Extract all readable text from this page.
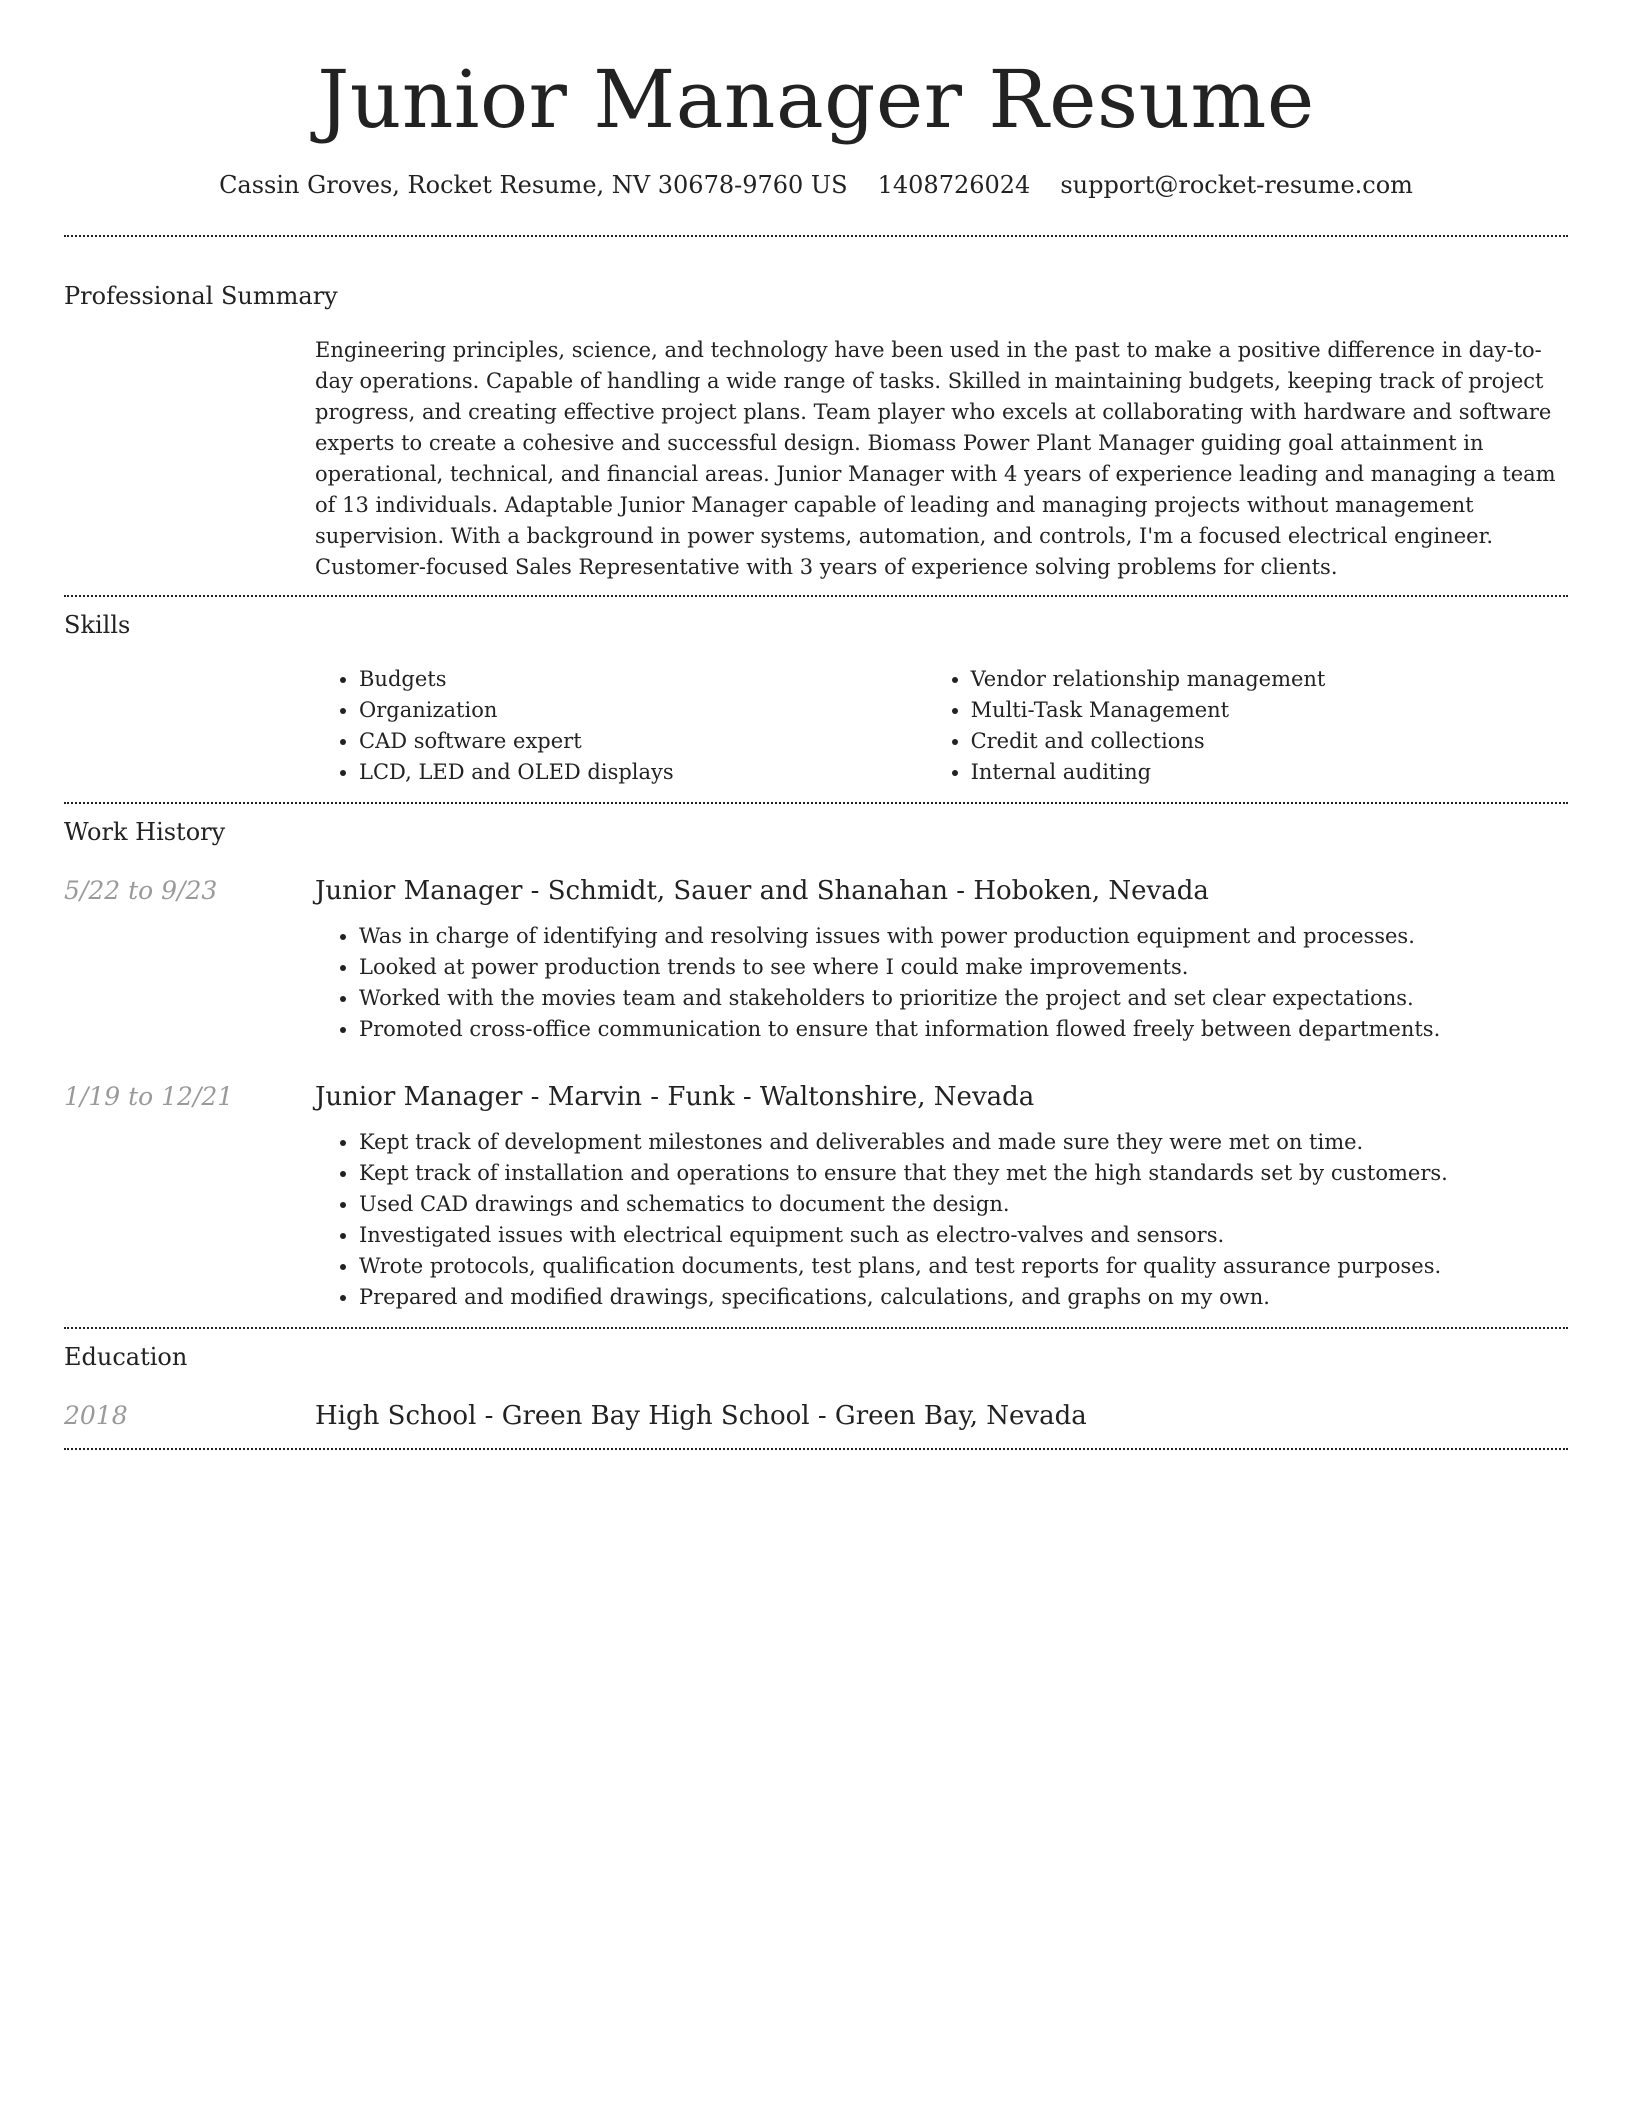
Junior Manager Resume
Cassin Groves, Rocket Resume, NV 30678-9760 US 1408726024 support@rocket-resume.com
Professional Summary
Engineering principles, science, and technology have been used in the past to make a positive difference in day-to-day operations. Capable of handling a wide range of tasks. Skilled in maintaining budgets, keeping track of project progress, and creating effective project plans. Team player who excels at collaborating with hardware and software experts to create a cohesive and successful design. Biomass Power Plant Manager guiding goal attainment in operational, technical, and financial areas. Junior Manager with 4 years of experience leading and managing a team of 13 individuals. Adaptable Junior Manager capable of leading and managing projects without management supervision. With a background in power systems, automation, and controls, I'm a focused electrical engineer. Customer-focused Sales Representative with 3 years of experience solving problems for clients.
Skills
• Budgets
• Organization
• CAD software expert
• LCD, LED and OLED displays
• Vendor relationship management
• Multi-Task Management
• Credit and collections
• Internal auditing
Work History
5/22 to 9/23	Junior Manager - Schmidt, Sauer and Shanahan - Hoboken, Nevada
• Was in charge of identifying and resolving issues with power production equipment and processes.
• Looked at power production trends to see where I could make improvements.
• Worked with the movies team and stakeholders to prioritize the project and set clear expectations.
• Promoted cross-office communication to ensure that information flowed freely between departments.
1/19 to 12/21	Junior Manager - Marvin - Funk - Waltonshire, Nevada
• Kept track of development milestones and deliverables and made sure they were met on time.
• Kept track of installation and operations to ensure that they met the high standards set by customers.
• Used CAD drawings and schematics to document the design.
• Investigated issues with electrical equipment such as electro-valves and sensors.
• Wrote protocols, qualification documents, test plans, and test reports for quality assurance purposes.
• Prepared and modified drawings, specifications, calculations, and graphs on my own.
Education
2018	High School - Green Bay High School - Green Bay, Nevada
